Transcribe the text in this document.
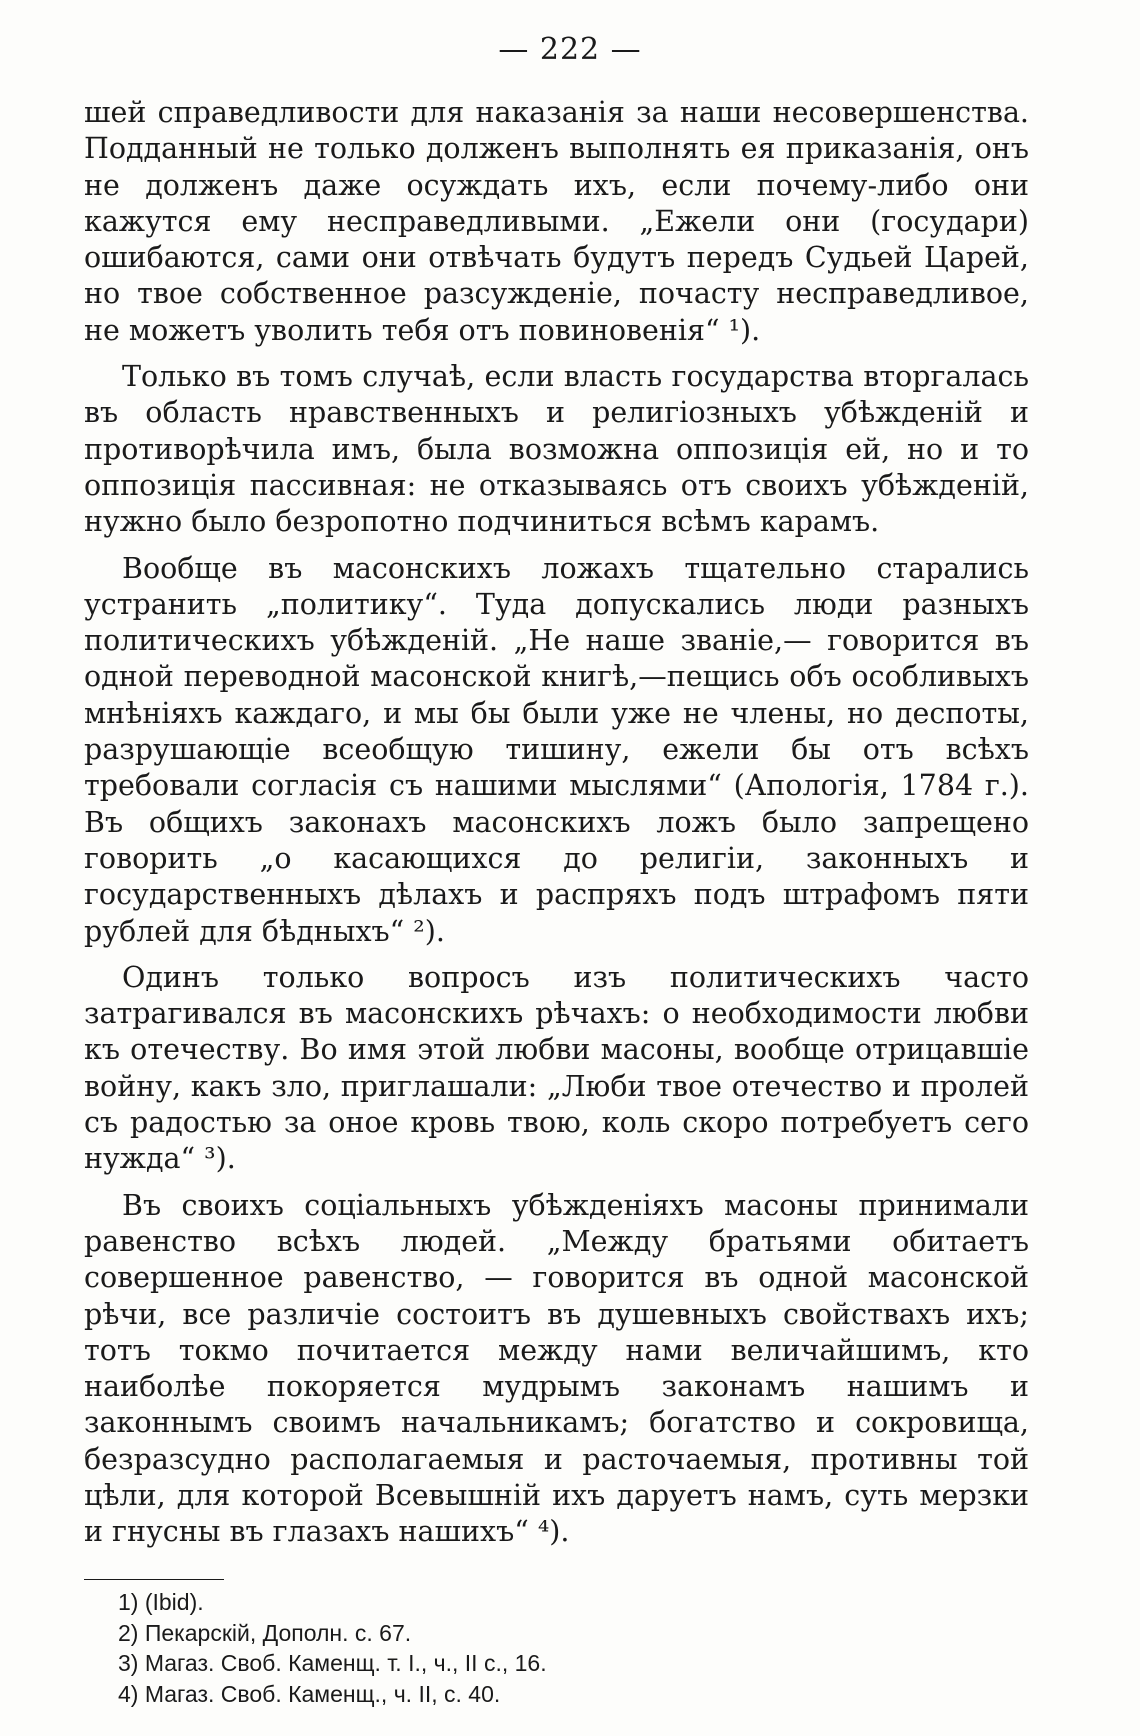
— 222 —

шей справедливости для наказанія за наши несовершенства. Подданный не только долженъ выполнять ея приказанія, онъ не долженъ даже осуждать ихъ, если почему-либо они кажутся ему несправедливыми. „Ежели они (государи) ошибаются, сами они отвѣчать будутъ передъ Судьей Царей, но твое собственное разсужденіе, почасту несправедливое, не можетъ уволить тебя отъ повиновенія“ ¹).

Только въ томъ случаѣ, если власть государства вторгалась въ область нравственныхъ и религіозныхъ убѣжденій и противорѣчила имъ, была возможна оппозиція ей, но и то оппозиція пассивная: не отказываясь отъ своихъ убѣжденій, нужно было безропотно подчиниться всѣмъ карамъ.

Вообще въ масонскихъ ложахъ тщательно старались устранить „политику“. Туда допускались люди разныхъ политическихъ убѣжденій. „Не наше званіе,— говорится въ одной переводной масонской книгѣ,—пещись объ особливыхъ мнѣніяхъ каждаго, и мы бы были уже не члены, но деспоты, разрушающіе всеобщую тишину, ежели бы отъ всѣхъ требовали согласія съ нашими мыслями“ (Апологія, 1784 г.). Въ общихъ законахъ масонскихъ ложъ было запрещено говорить „о касающихся до религіи, законныхъ и государственныхъ дѣлахъ и распряхъ подъ штрафомъ пяти рублей для бѣдныхъ“ ²).

Одинъ только вопросъ изъ политическихъ часто затрагивался въ масонскихъ рѣчахъ: о необходимости любви къ отечеству. Во имя этой любви масоны, вообще отрицавшіе войну, какъ зло, приглашали: „Люби твое отечество и пролей съ радостью за оное кровь твою, коль скоро потребуетъ сего нужда“ ³).

Въ своихъ соціальныхъ убѣжденіяхъ масоны принимали равенство всѣхъ людей. „Между братьями обитаетъ совершенное равенство, — говорится въ одной масонской рѣчи, все различіе состоитъ въ душевныхъ свойствахъ ихъ; тотъ токмо почитается между нами величайшимъ, кто наиболѣе покоряется мудрымъ законамъ нашимъ и законнымъ своимъ начальникамъ; богатство и сокровища, безразсудно располагаемыя и расточаемыя, противны той цѣли, для которой Всевышній ихъ даруетъ намъ, суть мерзки и гнусны въ глазахъ нашихъ“ ⁴).

1) (Ibid).
2) Пекарскій, Дополн. с. 67.
3) Магаз. Своб. Каменщ. т. I., ч., II с., 16.
4) Магаз. Своб. Каменщ., ч. II, с. 40.
